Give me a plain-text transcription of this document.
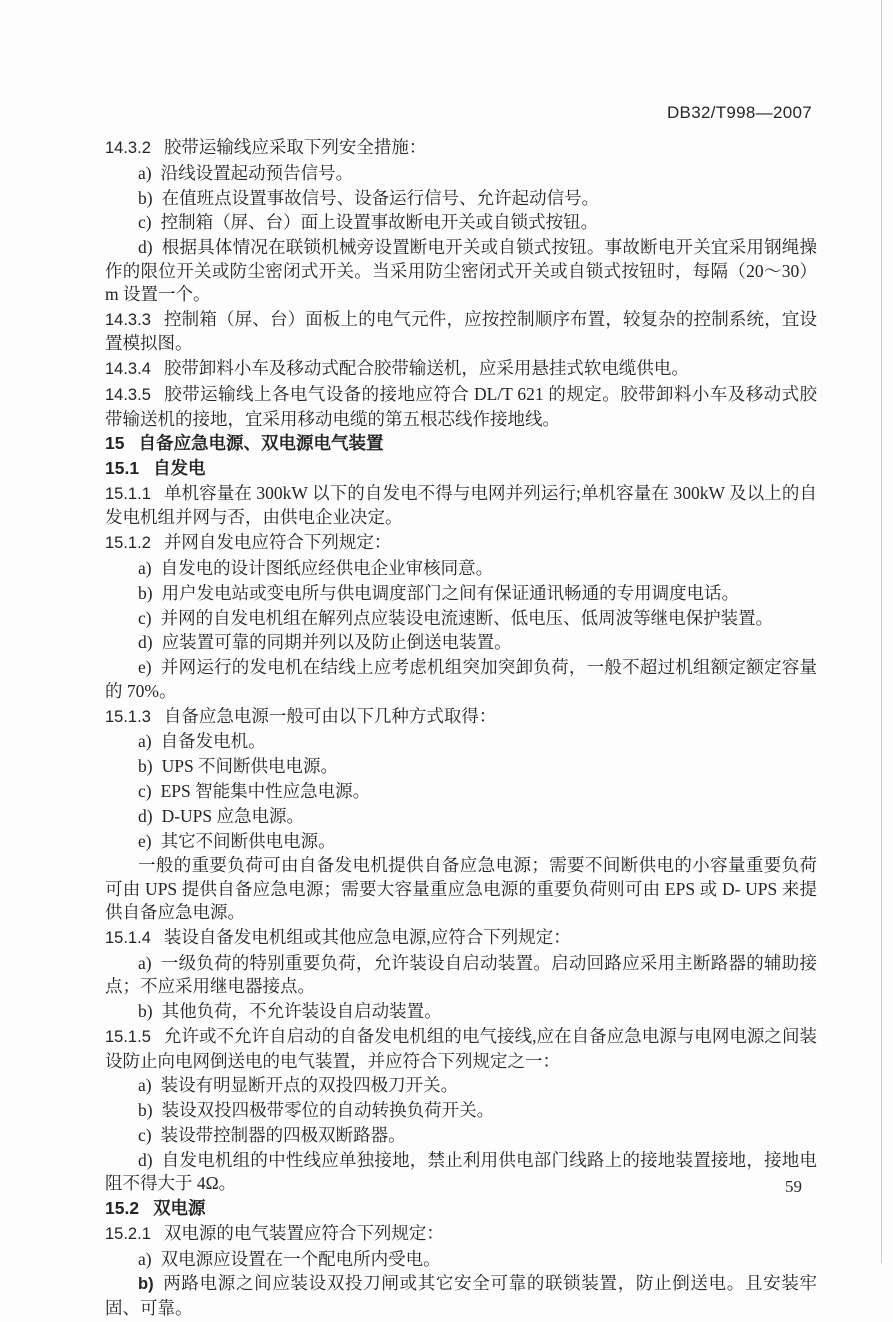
DB32/T998—2007

14.3.2 胶带运输线应采取下列安全措施：

a) 沿线设置起动预告信号。

b) 在值班点设置事故信号、设备运行信号、允许起动信号。

c) 控制箱（屏、台）面上设置事故断电开关或自锁式按钮。

d) 根据具体情况在联锁机械旁设置断电开关或自锁式按钮。事故断电开关宜采用钢绳操作的限位开关或防尘密闭式开关。当采用防尘密闭式开关或自锁式按钮时，每隔（20～30）m 设置一个。

14.3.3 控制箱（屏、台）面板上的电气元件，应按控制顺序布置，较复杂的控制系统，宜设置模拟图。

14.3.4 胶带卸料小车及移动式配合胶带输送机，应采用悬挂式软电缆供电。

14.3.5 胶带运输线上各电气设备的接地应符合 DL/T 621 的规定。胶带卸料小车及移动式胶带输送机的接地，宜采用移动电缆的第五根芯线作接地线。

15 自备应急电源、双电源电气装置

15.1 自发电

15.1.1 单机容量在 300kW 以下的自发电不得与电网并列运行;单机容量在 300kW 及以上的自发电机组并网与否，由供电企业决定。

15.1.2 并网自发电应符合下列规定：

a) 自发电的设计图纸应经供电企业审核同意。

b) 用户发电站或变电所与供电调度部门之间有保证通讯畅通的专用调度电话。

c) 并网的自发电机组在解列点应装设电流速断、低电压、低周波等继电保护装置。

d) 应装置可靠的同期并列以及防止倒送电装置。

e) 并网运行的发电机在结线上应考虑机组突加突卸负荷，一般不超过机组额定额定容量的 70%。

15.1.3 自备应急电源一般可由以下几种方式取得：

a) 自备发电机。

b) UPS 不间断供电电源。

c) EPS 智能集中性应急电源。

d) D-UPS 应急电源。

e) 其它不间断供电电源。

一般的重要负荷可由自备发电机提供自备应急电源；需要不间断供电的小容量重要负荷可由 UPS 提供自备应急电源；需要大容量重应急电源的重要负荷则可由 EPS 或 D- UPS 来提供自备应急电源。

15.1.4 装设自备发电机组或其他应急电源,应符合下列规定：

a) 一级负荷的特别重要负荷，允许装设自启动装置。启动回路应采用主断路器的辅助接点；不应采用继电器接点。

b) 其他负荷，不允许装设自启动装置。

15.1.5 允许或不允许自启动的自备发电机组的电气接线,应在自备应急电源与电网电源之间装设防止向电网倒送电的电气装置，并应符合下列规定之一：

a) 装设有明显断开点的双投四极刀开关。

b) 装设双投四极带零位的自动转换负荷开关。

c) 装设带控制器的四极双断路器。

d) 自发电机组的中性线应单独接地，禁止利用供电部门线路上的接地装置接地，接地电阻不得大于 4Ω。

15.2 双电源

15.2.1 双电源的电气装置应符合下列规定：

a) 双电源应设置在一个配电所内受电。

b) 两路电源之间应装设双投刀闸或其它安全可靠的联锁装置，防止倒送电。且安装牢固、可靠。

59
